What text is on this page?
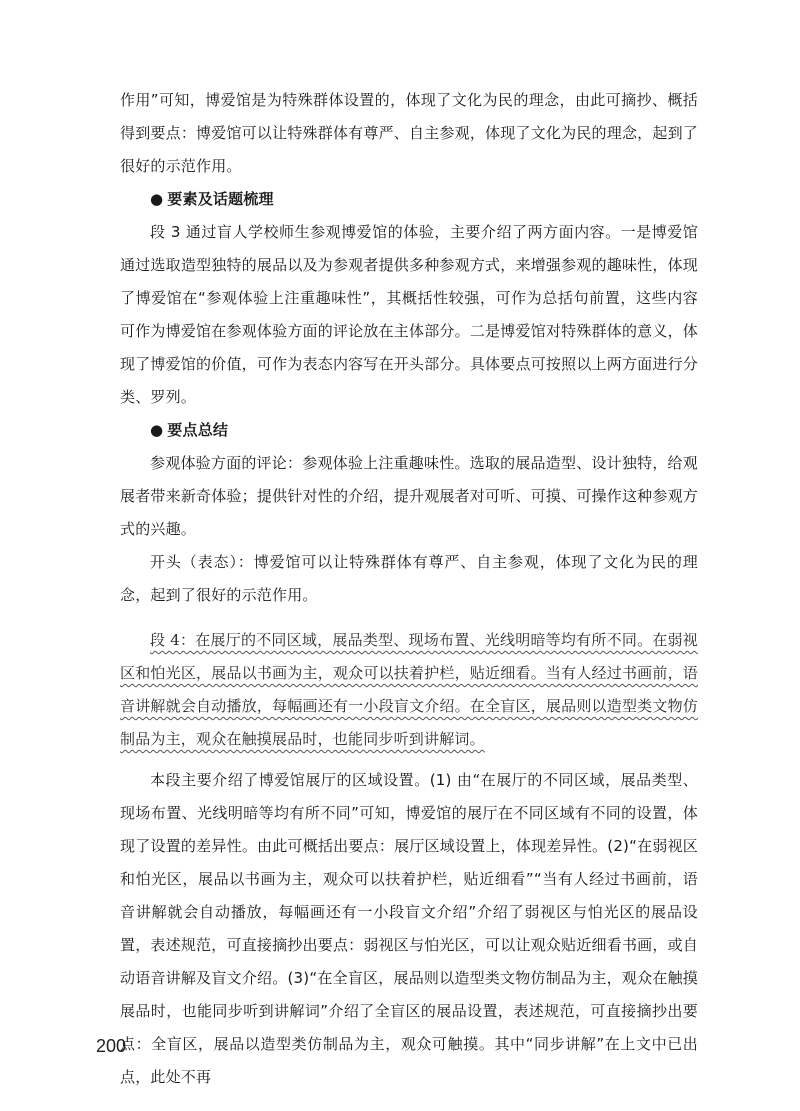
作用”可知，博爱馆是为特殊群体设置的，体现了文化为民的理念，由此可摘抄、概括得到要点：博爱馆可以让特殊群体有尊严、自主参观，体现了文化为民的理念，起到了很好的示范作用。

● 要素及话题梳理

段 3 通过盲人学校师生参观博爱馆的体验，主要介绍了两方面内容。一是博爱馆通过选取造型独特的展品以及为参观者提供多种参观方式，来增强参观的趣味性，体现了博爱馆在“参观体验上注重趣味性”，其概括性较强，可作为总括句前置，这些内容可作为博爱馆在参观体验方面的评论放在主体部分。二是博爱馆对特殊群体的意义，体现了博爱馆的价值，可作为表态内容写在开头部分。具体要点可按照以上两方面进行分类、罗列。

● 要点总结

参观体验方面的评论：参观体验上注重趣味性。选取的展品造型、设计独特，给观展者带来新奇体验；提供针对性的介绍，提升观展者对可听、可摸、可操作这种参观方式的兴趣。

开头（表态）：博爱馆可以让特殊群体有尊严、自主参观，体现了文化为民的理念，起到了很好的示范作用。

段 4：在展厅的不同区域，展品类型、现场布置、光线明暗等均有所不同。在弱视区和怕光区，展品以书画为主，观众可以扶着护栏，贴近细看。当有人经过书画前，语音讲解就会自动播放，每幅画还有一小段盲文介绍。在全盲区，展品则以造型类文物仿制品为主，观众在触摸展品时，也能同步听到讲解词。

本段主要介绍了博爱馆展厅的区域设置。(1) 由“在展厅的不同区域，展品类型、现场布置、光线明暗等均有所不同”可知，博爱馆的展厅在不同区域有不同的设置，体现了设置的差异性。由此可概括出要点：展厅区域设置上，体现差异性。(2)“在弱视区和怕光区，展品以书画为主，观众可以扶着护栏，贴近细看”“当有人经过书画前，语音讲解就会自动播放，每幅画还有一小段盲文介绍”介绍了弱视区与怕光区的展品设置，表述规范，可直接摘抄出要点：弱视区与怕光区，可以让观众贴近细看书画，或自动语音讲解及盲文介绍。(3)“在全盲区，展品则以造型类文物仿制品为主，观众在触摸展品时，也能同步听到讲解词”介绍了全盲区的展品设置，表述规范，可直接摘抄出要点：全盲区，展品以造型类仿制品为主，观众可触摸。其中“同步讲解”在上文中已出点，此处不再

200
